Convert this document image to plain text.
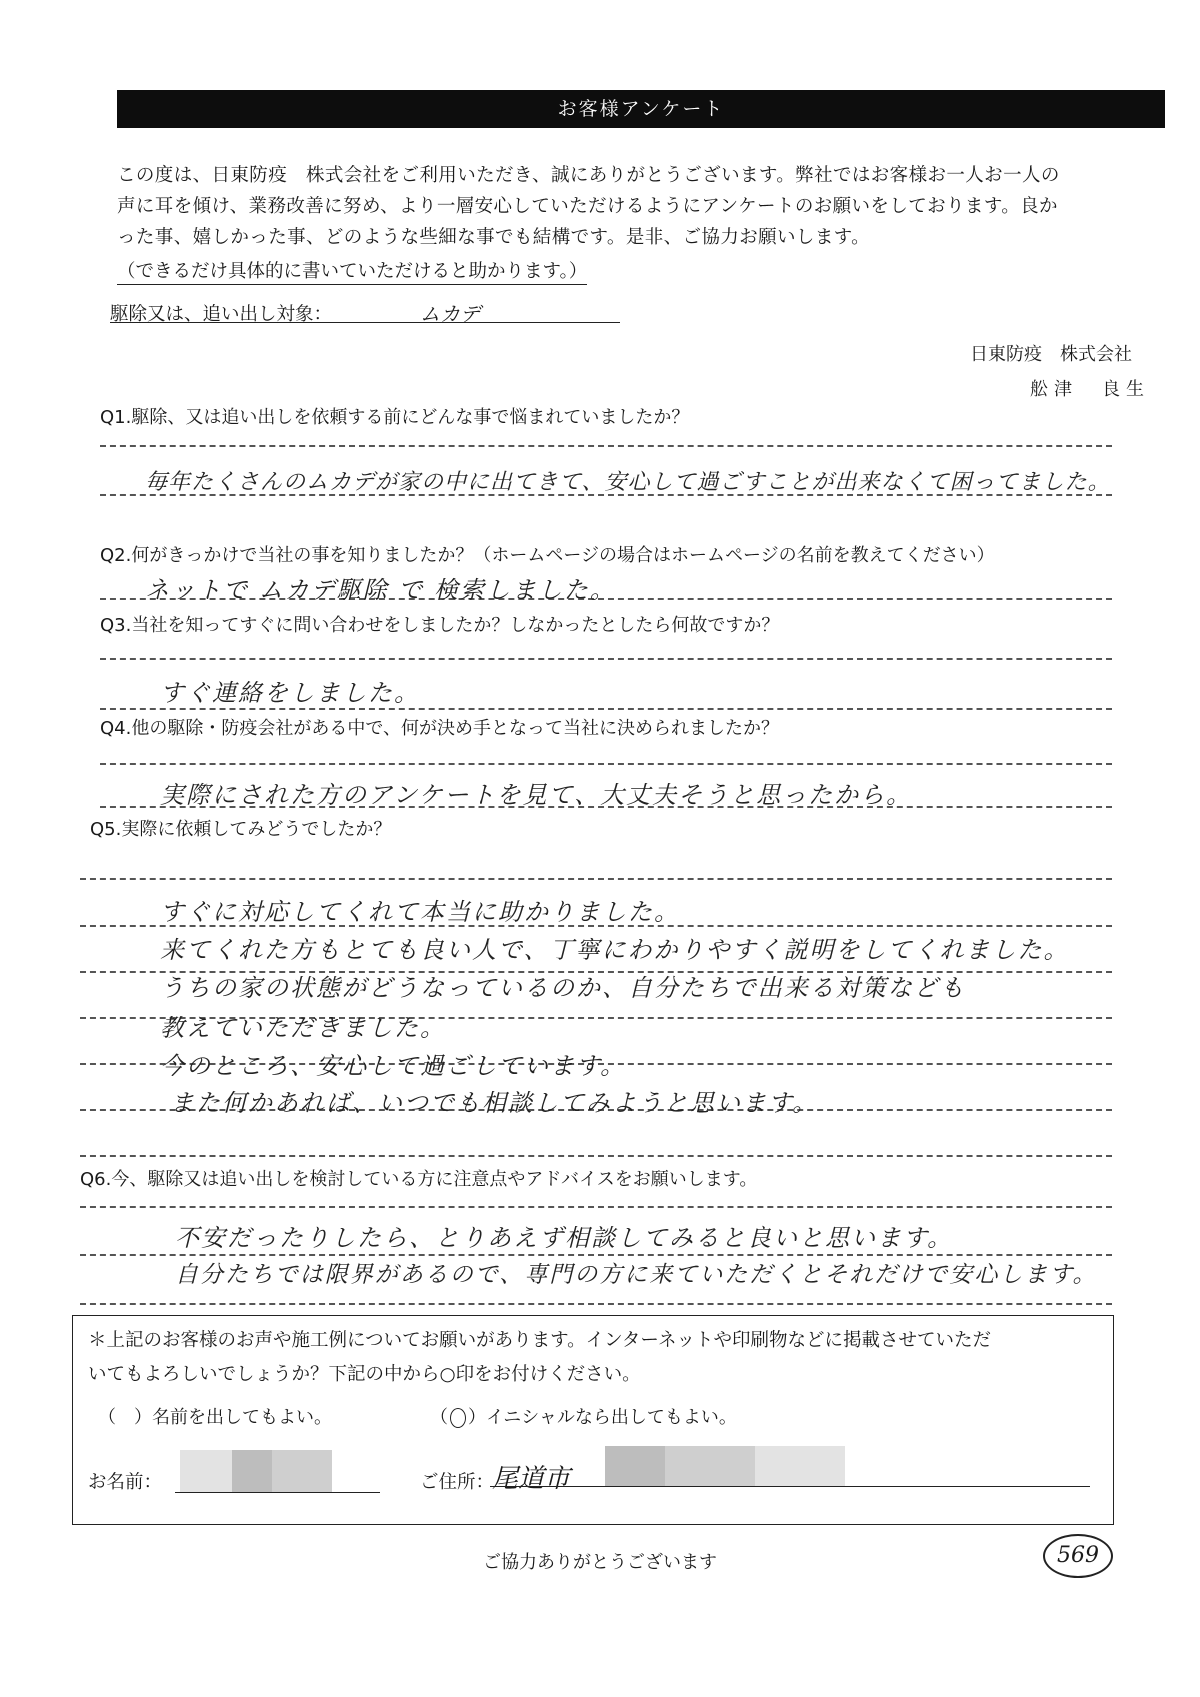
お客様アンケート
この度は、日東防疫　株式会社をご利用いただき、誠にありがとうございます。弊社ではお客様お一人お一人の
声に耳を傾け、業務改善に努め、より一層安心していただけるようにアンケートのお願いをしております。良か
った事、嬉しかった事、どのような些細な事でも結構です。是非、ご協力お願いします。
（できるだけ具体的に書いていただけると助かります。）
駆除又は、追い出し対象：	ムカデ
日東防疫　株式会社
舩津　良生
Q1.駆除、又は追い出しを依頼する前にどんな事で悩まれていましたか？
毎年たくさんのムカデが家の中に出てきて、安心して過ごすことが出来なくて困ってました。
Q2.何がきっかけで当社の事を知りましたか？（ホームページの場合はホームページの名前を教えてください）
ネットで ムカデ駆除 で 検索しました。
Q3.当社を知ってすぐに問い合わせをしましたか？しなかったとしたら何故ですか？
すぐ連絡をしました。
Q4.他の駆除・防疫会社がある中で、何が決め手となって当社に決められましたか？
実際にされた方のアンケートを見て、大丈夫そうと思ったから。
Q5.実際に依頼してみどうでしたか？
すぐに対応してくれて本当に助かりました。
来てくれた方もとても良い人で、丁寧にわかりやすく説明をしてくれました。
うちの家の状態がどうなっているのか、自分たちで出来る対策なども
教えていただきました。
今のところ、安心して過ごしています。
また何かあれば、いつでも相談してみようと思います。
Q6.今、駆除又は追い出しを検討している方に注意点やアドバイスをお願いします。
不安だったりしたら、とりあえず相談してみると良いと思います。
自分たちでは限界があるので、専門の方に来ていただくとそれだけで安心します。
＊上記のお客様のお声や施工例についてお願いがあります。インターネットや印刷物などに掲載させていただ
いてもよろしいでしょうか？下記の中から○印をお付けください。
（　）名前を出してもよい。	（ ○ ）イニシャルなら出してもよい。
お名前：	ご住所：
尾道市
ご協力ありがとうございます	569
